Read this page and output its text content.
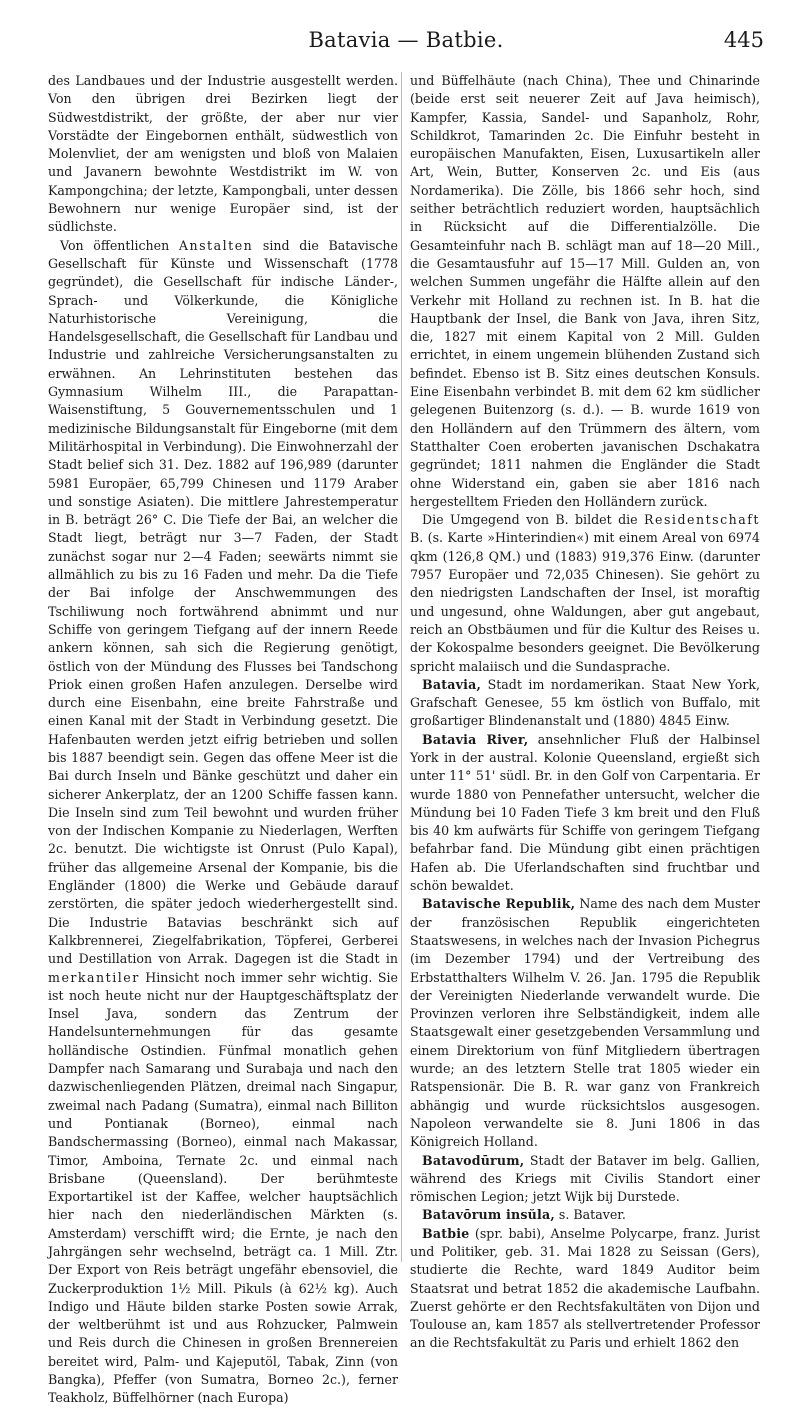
Batavia — Batbie.	445

des Landbaues und der Industrie ausgestellt werden. Von den übrigen drei Bezirken liegt der Südwestdistrikt, der größte, der aber nur vier Vorstädte der Eingebornen enthält, südwestlich von Molenvliet, der am wenigsten und bloß von Malaien und Javanern bewohnte Westdistrikt im W. von Kampongchina; der letzte, Kampongbali, unter dessen Bewohnern nur wenige Europäer sind, ist der südlichste.

Von öffentlichen Anstalten sind die Batavische Gesellschaft für Künste und Wissenschaft (1778 gegründet), die Gesellschaft für indische Länder-, Sprach- und Völkerkunde, die Königliche Naturhistorische Vereinigung, die Handelsgesellschaft, die Gesellschaft für Landbau und Industrie und zahlreiche Versicherungsanstalten zu erwähnen. An Lehrinstituten bestehen das Gymnasium Wilhelm III., die Parapattan-Waisenstiftung, 5 Gouvernementsschulen und 1 medizinische Bildungsanstalt für Eingeborne (mit dem Militärhospital in Verbindung). Die Einwohnerzahl der Stadt belief sich 31. Dez. 1882 auf 196,989 (darunter 5981 Europäer, 65,799 Chinesen und 1179 Araber und sonstige Asiaten). Die mittlere Jahrestemperatur in B. beträgt 26° C. Die Tiefe der Bai, an welcher die Stadt liegt, beträgt nur 3—7 Faden, der Stadt zunächst sogar nur 2—4 Faden; seewärts nimmt sie allmählich zu bis zu 16 Faden und mehr. Da die Tiefe der Bai infolge der Anschwemmungen des Tschiliwung noch fortwährend abnimmt und nur Schiffe von geringem Tiefgang auf der innern Reede ankern können, sah sich die Regierung genötigt, östlich von der Mündung des Flusses bei Tandschong Priok einen großen Hafen anzulegen. Derselbe wird durch eine Eisenbahn, eine breite Fahrstraße und einen Kanal mit der Stadt in Verbindung gesetzt. Die Hafenbauten werden jetzt eifrig betrieben und sollen bis 1887 beendigt sein. Gegen das offene Meer ist die Bai durch Inseln und Bänke geschützt und daher ein sicherer Ankerplatz, der an 1200 Schiffe fassen kann. Die Inseln sind zum Teil bewohnt und wurden früher von der Indischen Kompanie zu Niederlagen, Werften 2c. benutzt. Die wichtigste ist Onrust (Pulo Kapal), früher das allgemeine Arsenal der Kompanie, bis die Engländer (1800) die Werke und Gebäude darauf zerstörten, die später jedoch wiederhergestellt sind. Die Industrie Batavias beschränkt sich auf Kalkbrennerei, Ziegelfabrikation, Töpferei, Gerberei und Destillation von Arrak. Dagegen ist die Stadt in merkantiler Hinsicht noch immer sehr wichtig. Sie ist noch heute nicht nur der Hauptgeschäftsplatz der Insel Java, sondern das Zentrum der Handelsunternehmungen für das gesamte holländische Ostindien. Fünfmal monatlich gehen Dampfer nach Samarang und Surabaja und nach den dazwischenliegenden Plätzen, dreimal nach Singapur, zweimal nach Padang (Sumatra), einmal nach Billiton und Pontianak (Borneo), einmal nach Bandschermassing (Borneo), einmal nach Makassar, Timor, Amboina, Ternate 2c. und einmal nach Brisbane (Queensland). Der berühmteste Exportartikel ist der Kaffee, welcher hauptsächlich hier nach den niederländischen Märkten (s. Amsterdam) verschifft wird; die Ernte, je nach den Jahrgängen sehr wechselnd, beträgt ca. 1 Mill. Ztr. Der Export von Reis beträgt ungefähr ebensoviel, die Zuckerproduktion 1½ Mill. Pikuls (à 62½ kg). Auch Indigo und Häute bilden starke Posten sowie Arrak, der weltberühmt ist und aus Rohzucker, Palmwein und Reis durch die Chinesen in großen Brennereien bereitet wird, Palm- und Kajeputöl, Tabak, Zinn (von Bangka), Pfeffer (von Sumatra, Borneo 2c.), ferner Teakholz, Büffelhörner (nach Europa)

und Büffelhäute (nach China), Thee und Chinarinde (beide erst seit neuerer Zeit auf Java heimisch), Kampfer, Kassia, Sandel- und Sapanholz, Rohr, Schildkrot, Tamarinden 2c. Die Einfuhr besteht in europäischen Manufakten, Eisen, Luxusartikeln aller Art, Wein, Butter, Konserven 2c. und Eis (aus Nordamerika). Die Zölle, bis 1866 sehr hoch, sind seither beträchtlich reduziert worden, hauptsächlich in Rücksicht auf die Differentialzölle. Die Gesamteinfuhr nach B. schlägt man auf 18—20 Mill., die Gesamtausfuhr auf 15—17 Mill. Gulden an, von welchen Summen ungefähr die Hälfte allein auf den Verkehr mit Holland zu rechnen ist. In B. hat die Hauptbank der Insel, die Bank von Java, ihren Sitz, die, 1827 mit einem Kapital von 2 Mill. Gulden errichtet, in einem ungemein blühenden Zustand sich befindet. Ebenso ist B. Sitz eines deutschen Konsuls. Eine Eisenbahn verbindet B. mit dem 62 km südlicher gelegenen Buitenzorg (s. d.). — B. wurde 1619 von den Holländern auf den Trümmern des ältern, vom Statthalter Coen eroberten javanischen Dschakatra gegründet; 1811 nahmen die Engländer die Stadt ohne Widerstand ein, gaben sie aber 1816 nach hergestelltem Frieden den Holländern zurück.

Die Umgegend von B. bildet die Residentschaft B. (s. Karte »Hinterindien«) mit einem Areal von 6974 qkm (126,8 QM.) und (1883) 919,376 Einw. (darunter 7957 Europäer und 72,035 Chinesen). Sie gehört zu den niedrigsten Landschaften der Insel, ist moraftig und ungesund, ohne Waldungen, aber gut angebaut, reich an Obstbäumen und für die Kultur des Reises u. der Kokospalme besonders geeignet. Die Bevölkerung spricht malaiisch und die Sundasprache.

Batavia, Stadt im nordamerikan. Staat New York, Grafschaft Genesee, 55 km östlich von Buffalo, mit großartiger Blindenanstalt und (1880) 4845 Einw.

Batavia River, ansehnlicher Fluß der Halbinsel York in der austral. Kolonie Queensland, ergießt sich unter 11° 51' südl. Br. in den Golf von Carpentaria. Er wurde 1880 von Pennefather untersucht, welcher die Mündung bei 10 Faden Tiefe 3 km breit und den Fluß bis 40 km aufwärts für Schiffe von geringem Tiefgang befahrbar fand. Die Mündung gibt einen prächtigen Hafen ab. Die Uferlandschaften sind fruchtbar und schön bewaldet.

Batavische Republik, Name des nach dem Muster der französischen Republik eingerichteten Staatswesens, in welches nach der Invasion Pichegrus (im Dezember 1794) und der Vertreibung des Erbstatthalters Wilhelm V. 26. Jan. 1795 die Republik der Vereinigten Niederlande verwandelt wurde. Die Provinzen verloren ihre Selbständigkeit, indem alle Staatsgewalt einer gesetzgebenden Versammlung und einem Direktorium von fünf Mitgliedern übertragen wurde; an des letztern Stelle trat 1805 wieder ein Ratspensionär. Die B. R. war ganz von Frankreich abhängig und wurde rücksichtslos ausgesogen. Napoleon verwandelte sie 8. Juni 1806 in das Königreich Holland.

Batavodūrum, Stadt der Bataver im belg. Gallien, während des Kriegs mit Civilis Standort einer römischen Legion; jetzt Wijk bij Durstede.

Batavōrum insŭla, s. Bataver.

Batbie (spr. babi), Anselme Polycarpe, franz. Jurist und Politiker, geb. 31. Mai 1828 zu Seissan (Gers), studierte die Rechte, ward 1849 Auditor beim Staatsrat und betrat 1852 die akademische Laufbahn. Zuerst gehörte er den Rechtsfakultäten von Dijon und Toulouse an, kam 1857 als stellvertretender Professor an die Rechtsfakultät zu Paris und erhielt 1862 den
